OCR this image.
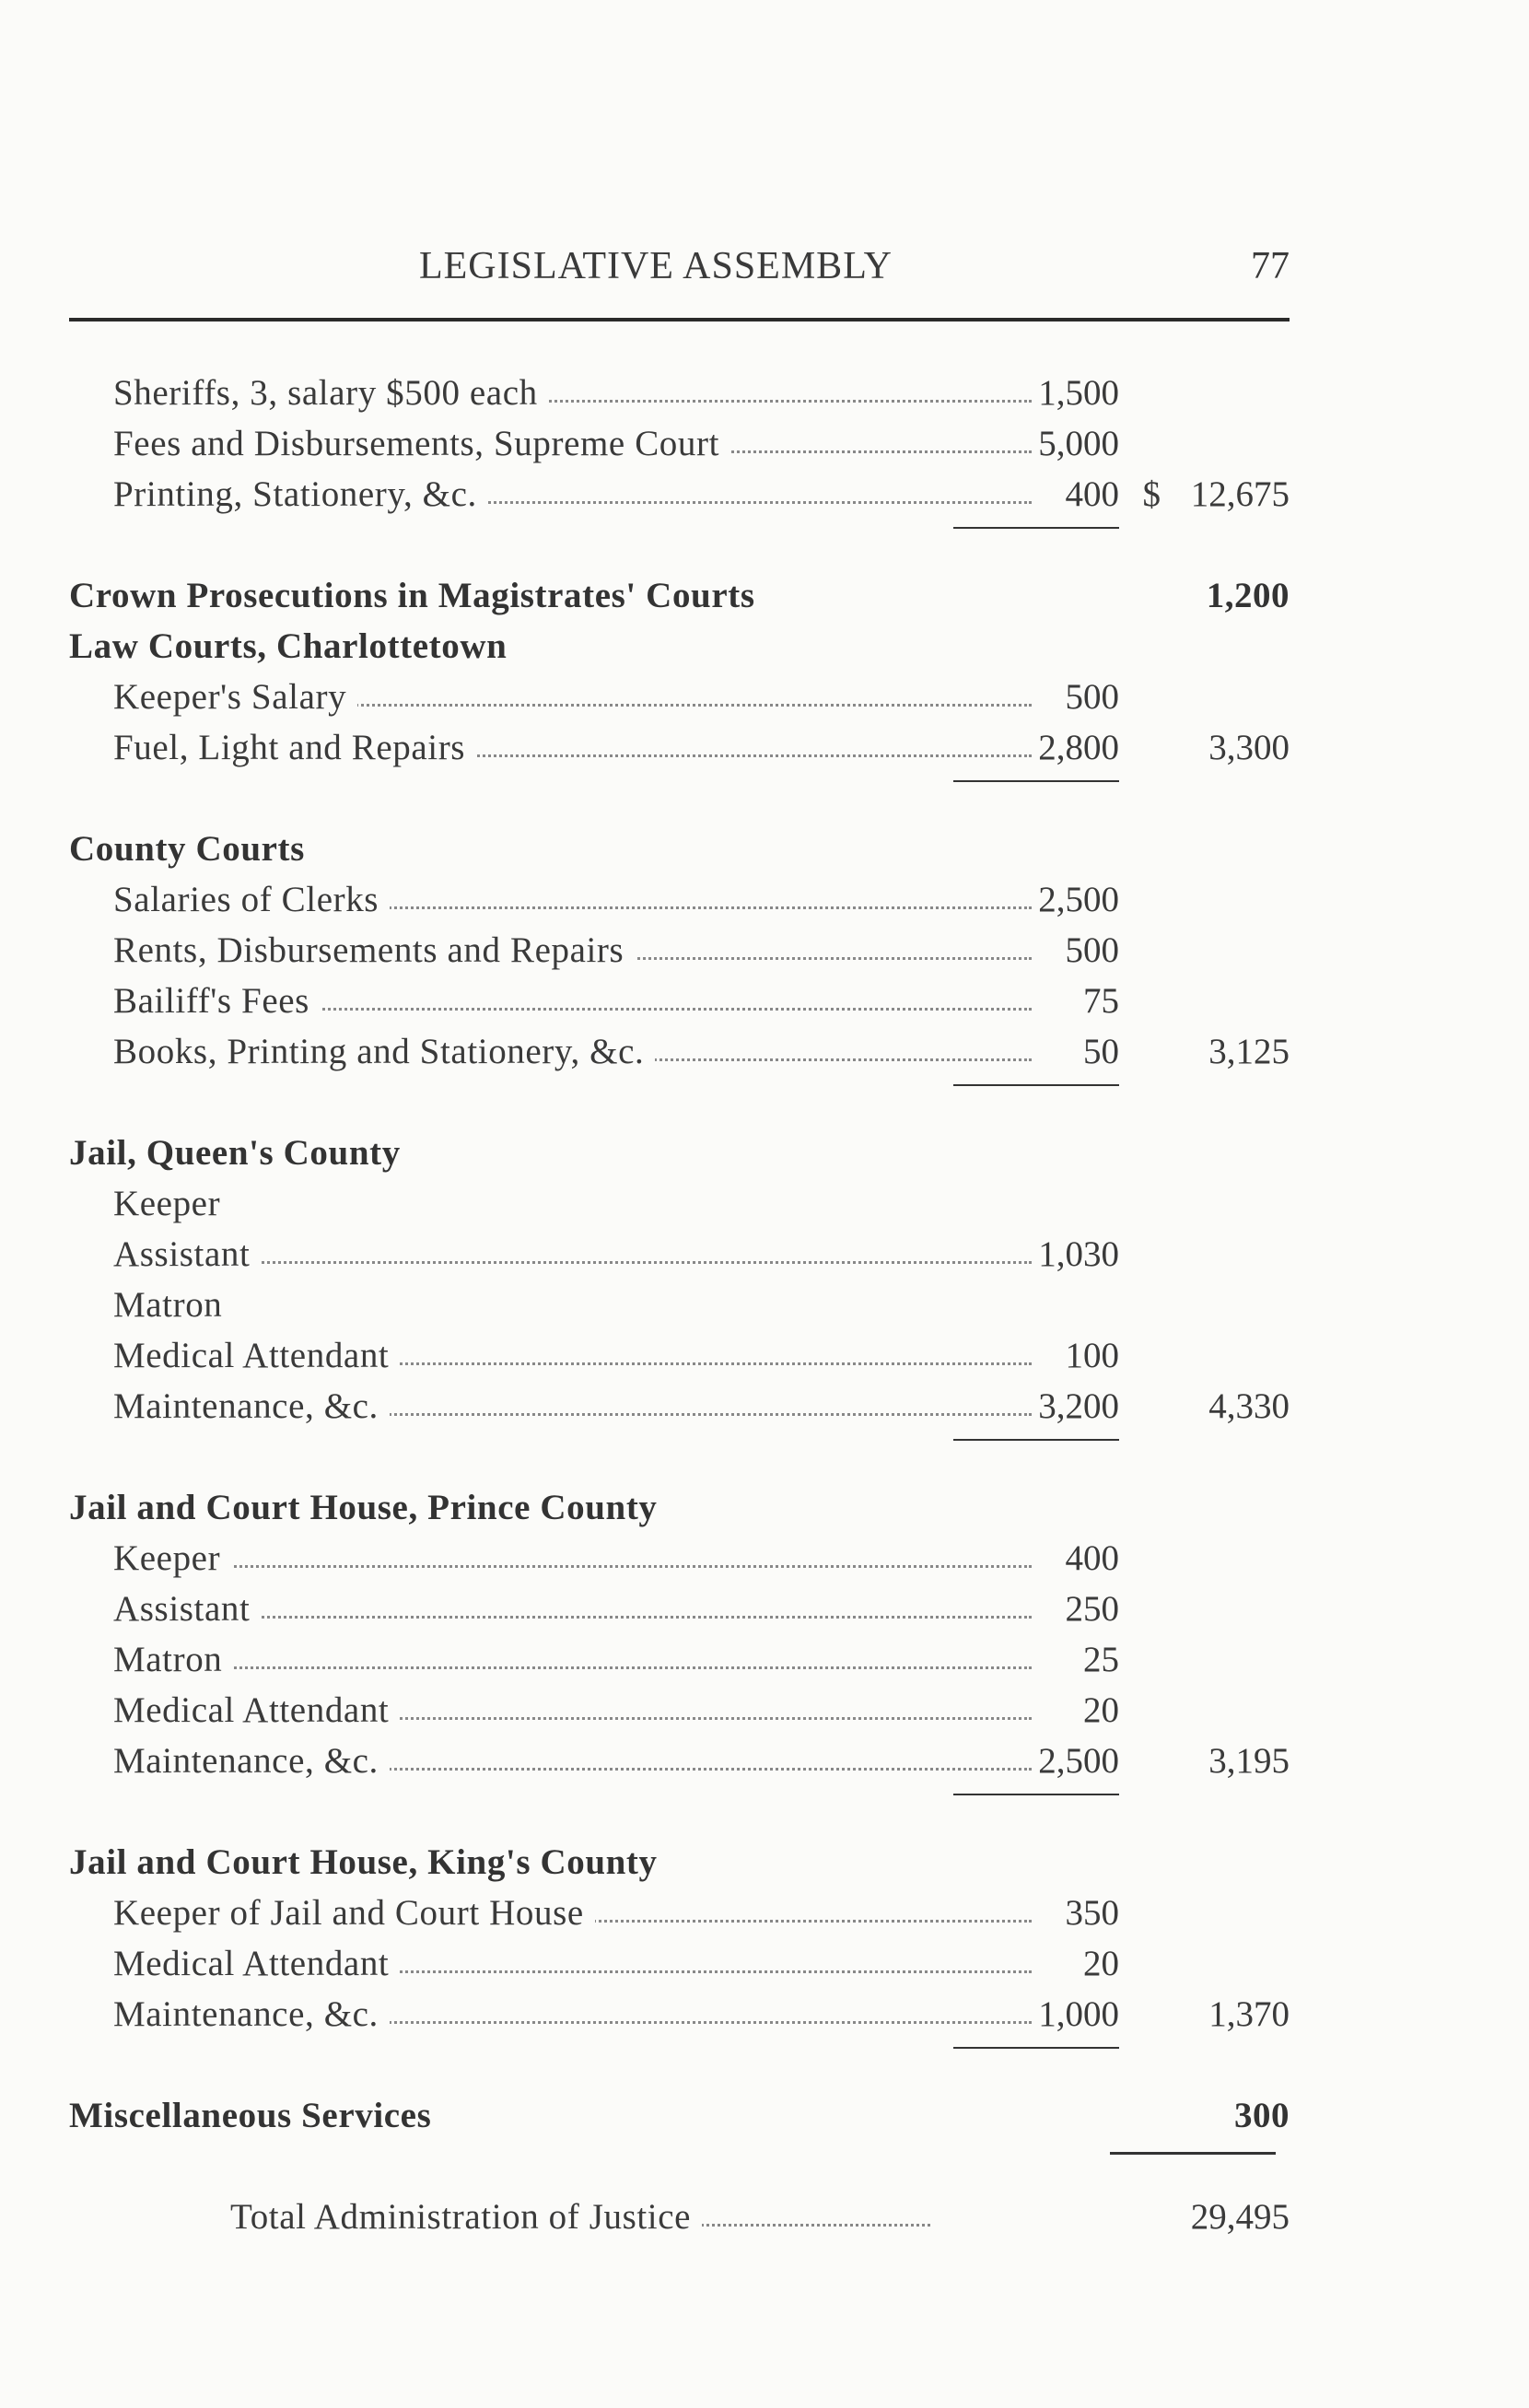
LEGISLATIVE ASSEMBLY	77
Sheriffs, 3, salary $500 each	1,500
Fees and Disbursements, Supreme Court	5,000
Printing, Stationery, &c.	400 $ 12,675
Crown Prosecutions in Magistrates' Courts	1,200
Law Courts, Charlottetown
Keeper's Salary	500
Fuel, Light and Repairs	2,800 3,300
County Courts
Salaries of Clerks	2,500
Rents, Disbursements and Repairs	500
Bailiff's Fees	75
Books, Printing and Stationery, &c.	50 3,125
Jail, Queen's County
Keeper
Assistant	1,030
Matron
Medical Attendant	100
Maintenance, &c.	3,200 4,330
Jail and Court House, Prince County
Keeper	400
Assistant	250
Matron	25
Medical Attendant	20
Maintenance, &c.	2,500 3,195
Jail and Court House, King's County
Keeper of Jail and Court House	350
Medical Attendant	20
Maintenance, &c.	1,000 1,370
Miscellaneous Services	300
Total Administration of Justice	29,495
